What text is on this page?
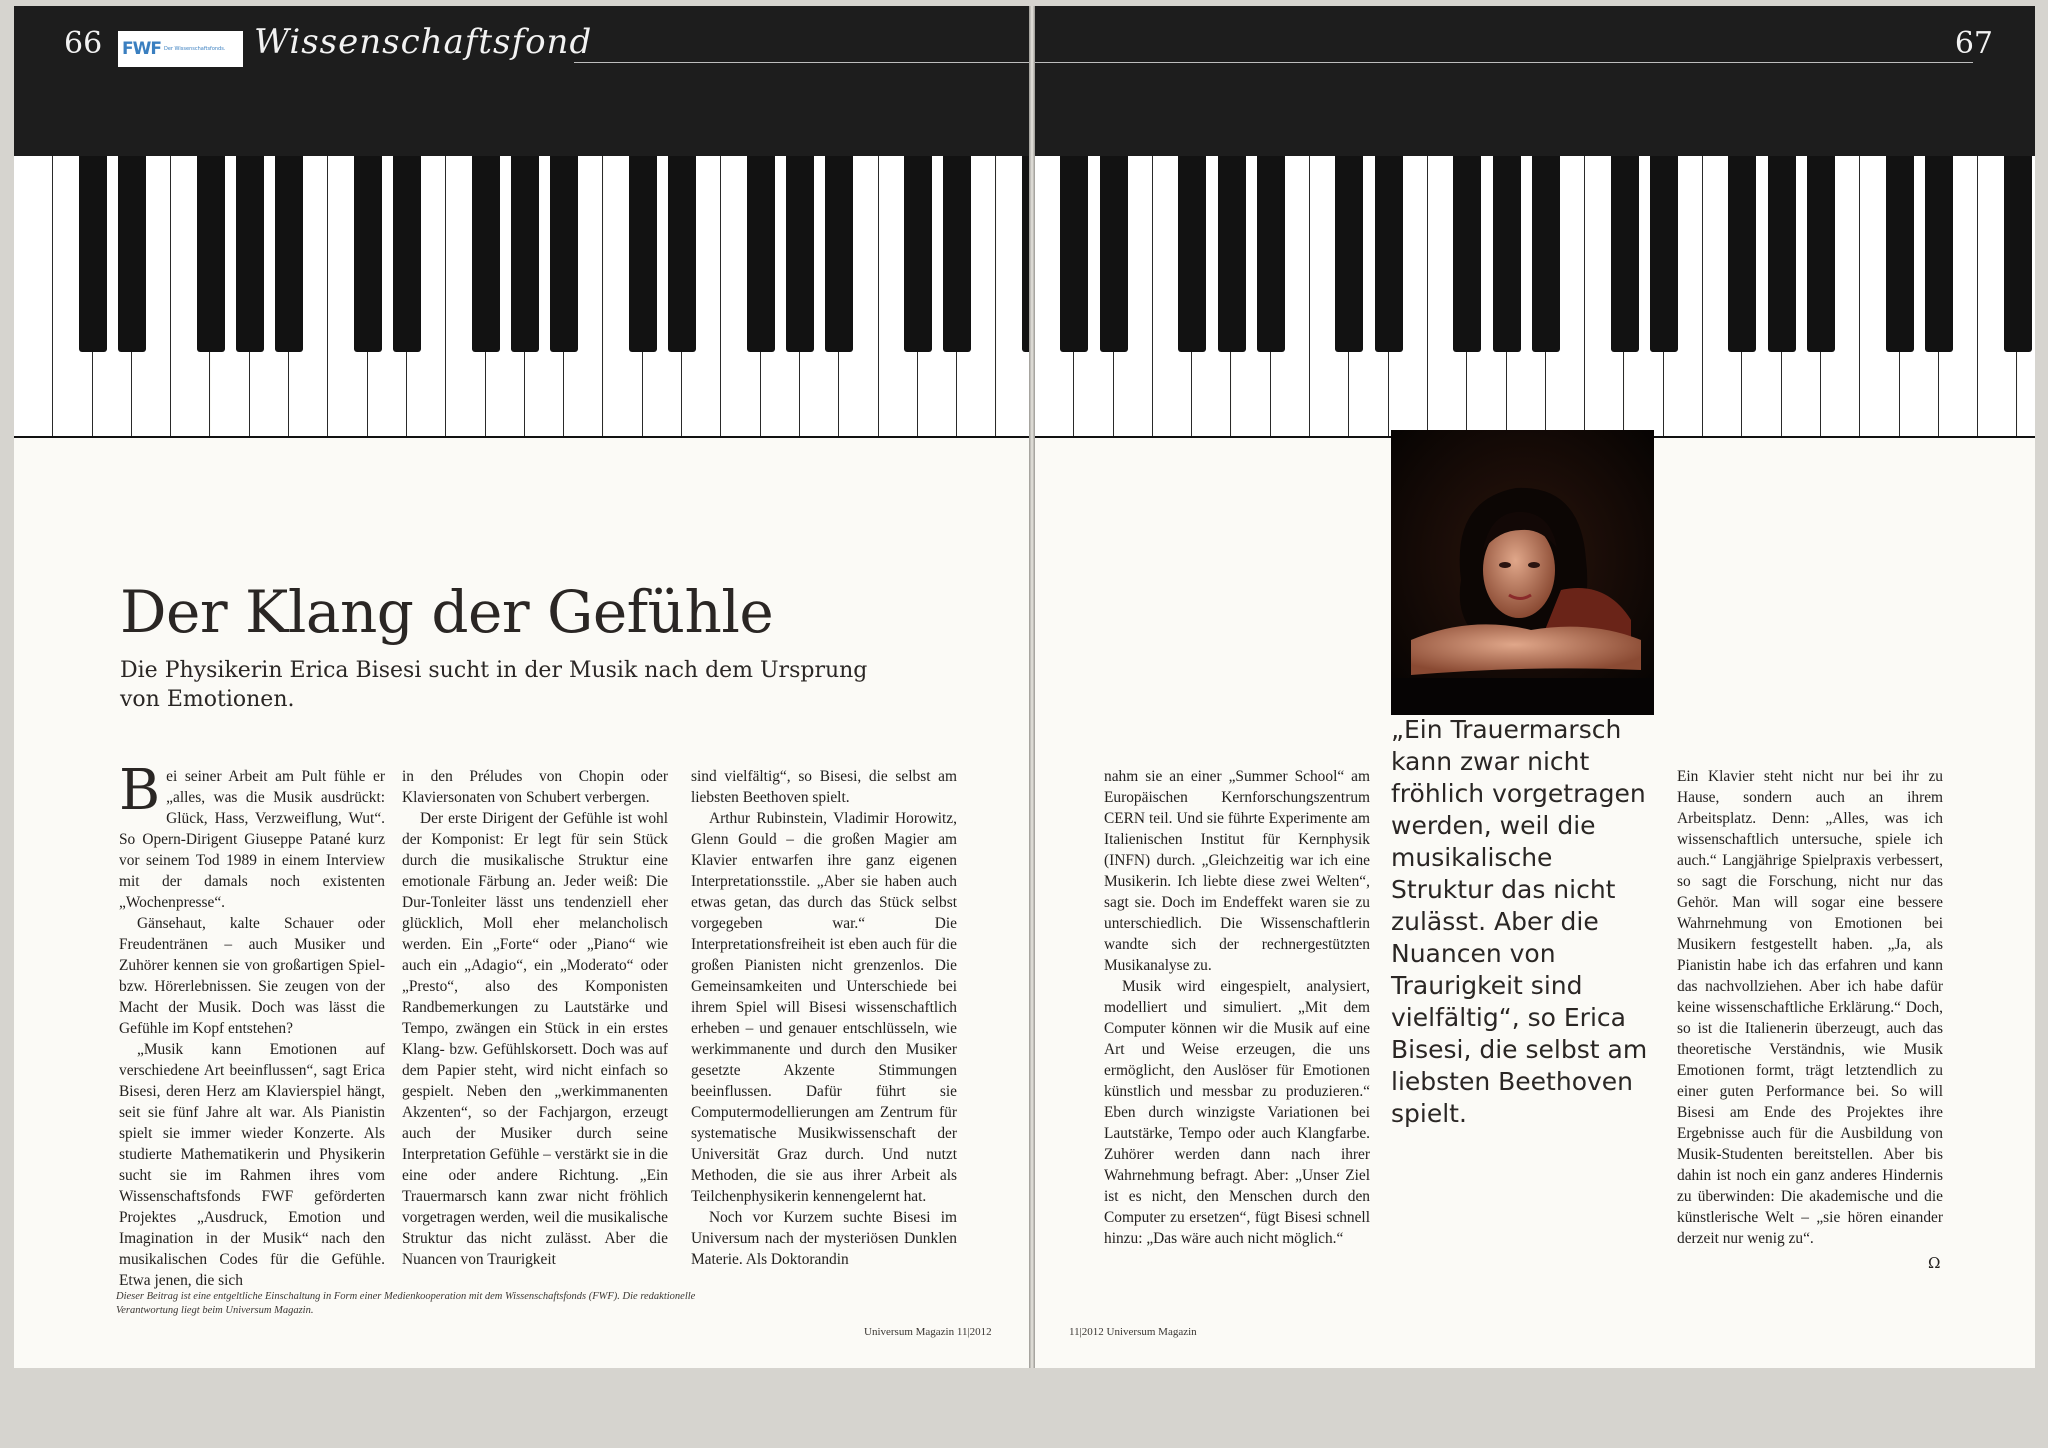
66 FWF Der Wissenschaftsfonds. Wissenschaftsfond
Der Klang der Gefühle

Die Physikerin Erica Bisesi sucht in der Musik nach dem Ursprung von Emotionen.

Bei seiner Arbeit am Pult fühle er „alles, was die Musik ausdrückt: Glück, Hass, Verzweiflung, Wut“. So Opern-Dirigent Giuseppe Patané kurz vor seinem Tod 1989 in einem Interview mit der damals noch existenten „Wochenpresse“.

Gänsehaut, kalte Schauer oder Freudentränen – auch Musiker und Zuhörer kennen sie von großartigen Spiel- bzw. Hörerlebnissen. Sie zeugen von der Macht der Musik. Doch was lässt die Gefühle im Kopf entstehen?

„Musik kann Emotionen auf verschiedene Art beeinflussen“, sagt Erica Bisesi, deren Herz am Klavierspiel hängt, seit sie fünf Jahre alt war. Als Pianistin spielt sie immer wieder Konzerte. Als studierte Mathematikerin und Physikerin sucht sie im Rahmen ihres vom Wissenschaftsfonds FWF geförderten Projektes „Ausdruck, Emotion und Imagination in der Musik“ nach den musikalischen Codes für die Gefühle. Etwa jenen, die sich

in den Préludes von Chopin oder Klaviersonaten von Schubert verbergen.

Der erste Dirigent der Gefühle ist wohl der Komponist: Er legt für sein Stück durch die musikalische Struktur eine emotionale Färbung an. Jeder weiß: Die Dur-Tonleiter lässt uns tendenziell eher glücklich, Moll eher melancholisch werden. Ein „Forte“ oder „Piano“ wie auch ein „Adagio“, ein „Moderato“ oder „Presto“, also des Komponisten Randbemerkungen zu Lautstärke und Tempo, zwängen ein Stück in ein erstes Klang- bzw. Gefühlskorsett. Doch was auf dem Papier steht, wird nicht einfach so gespielt. Neben den „werkimmanenten Akzenten“, so der Fachjargon, erzeugt auch der Musiker durch seine Interpretation Gefühle – verstärkt sie in die eine oder andere Richtung. „Ein Trauermarsch kann zwar nicht fröhlich vorgetragen werden, weil die musikalische Struktur das nicht zulässt. Aber die Nuancen von Traurigkeit

sind vielfältig“, so Bisesi, die selbst am liebsten Beethoven spielt.

Arthur Rubinstein, Vladimir Horowitz, Glenn Gould – die großen Magier am Klavier entwarfen ihre ganz eigenen Interpretationsstile. „Aber sie haben auch etwas getan, das durch das Stück selbst vorgegeben war.“ Die Interpretationsfreiheit ist eben auch für die großen Pianisten nicht grenzenlos. Die Gemeinsamkeiten und Unterschiede bei ihrem Spiel will Bisesi wissenschaftlich erheben – und genauer entschlüsseln, wie werkimmanente und durch den Musiker gesetzte Akzente Stimmungen beeinflussen. Dafür führt sie Computermodellierungen am Zentrum für systematische Musikwissenschaft der Universität Graz durch. Und nutzt Methoden, die sie aus ihrer Arbeit als Teilchenphysikerin kennengelernt hat.

Noch vor Kurzem suchte Bisesi im Universum nach der mysteriösen Dunklen Materie. Als Doktorandin

Dieser Beitrag ist eine entgeltliche Einschaltung in Form einer Medienkooperation mit dem Wissenschaftsfonds (FWF). Die redaktionelle Verantwortung liegt beim Universum Magazin.

Universum Magazin 11|2012
67

„Ein Trauermarsch kann zwar nicht fröhlich vorgetragen werden, weil die musikalische Struktur das nicht zulässt. Aber die Nuancen von Traurigkeit sind vielfältig“, so Erica Bisesi, die selbst am liebsten Beethoven spielt.

nahm sie an einer „Summer School“ am Europäischen Kernforschungszentrum CERN teil. Und sie führte Experimente am Italienischen Institut für Kernphysik (INFN) durch. „Gleichzeitig war ich eine Musikerin. Ich liebte diese zwei Welten“, sagt sie. Doch im Endeffekt waren sie zu unterschiedlich. Die Wissenschaftlerin wandte sich der rechnergestützten Musikanalyse zu.

Musik wird eingespielt, analysiert, modelliert und simuliert. „Mit dem Computer können wir die Musik auf eine Art und Weise erzeugen, die uns ermöglicht, den Auslöser für Emotionen künstlich und messbar zu produzieren.“ Eben durch winzigste Variationen bei Lautstärke, Tempo oder auch Klangfarbe. Zuhörer werden dann nach ihrer Wahrnehmung befragt. Aber: „Unser Ziel ist es nicht, den Menschen durch den Computer zu ersetzen“, fügt Bisesi schnell hinzu: „Das wäre auch nicht möglich.“

Ein Klavier steht nicht nur bei ihr zu Hause, sondern auch an ihrem Arbeitsplatz. Denn: „Alles, was ich wissenschaftlich untersuche, spiele ich auch.“ Langjährige Spielpraxis verbessert, so sagt die Forschung, nicht nur das Gehör. Man will sogar eine bessere Wahrnehmung von Emotionen bei Musikern festgestellt haben. „Ja, als Pianistin habe ich das erfahren und kann das nachvollziehen. Aber ich habe dafür keine wissenschaftliche Erklärung.“ Doch, so ist die Italienerin überzeugt, auch das theoretische Verständnis, wie Musik Emotionen formt, trägt letztendlich zu einer guten Performance bei. So will Bisesi am Ende des Projektes ihre Ergebnisse auch für die Ausbildung von Musik-Studenten bereitstellen. Aber bis dahin ist noch ein ganz anderes Hindernis zu überwinden: Die akademische und die künstlerische Welt – „sie hören einander derzeit nur wenig zu“.

11|2012 Universum Magazin
Ω
